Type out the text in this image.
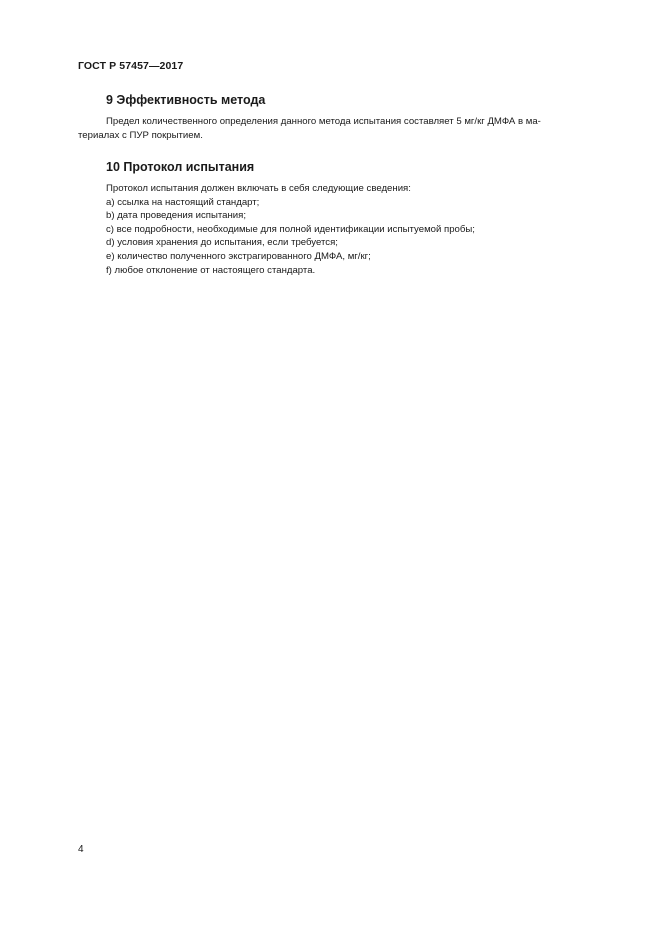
ГОСТ Р 57457—2017
9 Эффективность метода

Предел количественного определения данного метода испытания составляет 5 мг/кг ДМФА в ма-
териалах с ПУР покрытием.

10 Протокол испытания
Протокол испытания должен включать в себя следующие сведения:
a) ссылка на настоящий стандарт;
b) дата проведения испытания;
c) все подробности, необходимые для полной идентификации испытуемой пробы;
d) условия хранения до испытания, если требуется;
e) количество полученного экстрагированного ДМФА, мг/кг;
f) любое отклонение от настоящего стандарта.
4
